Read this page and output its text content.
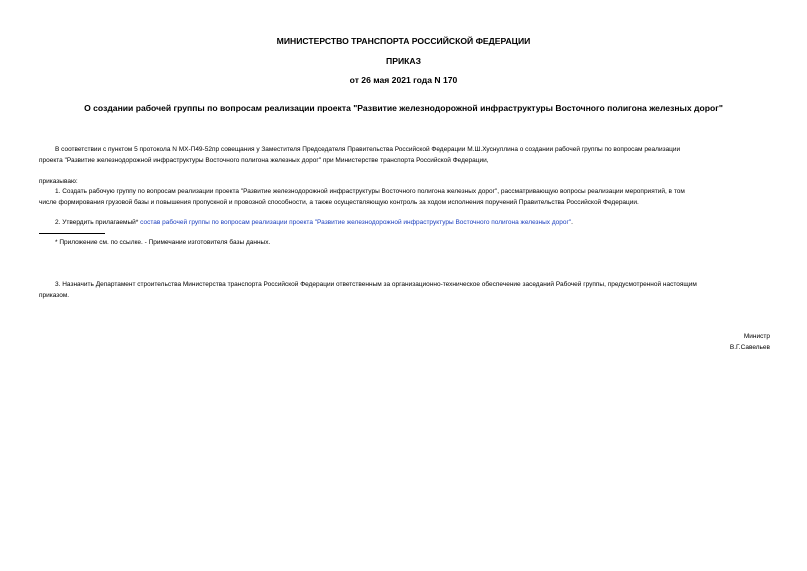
МИНИСТЕРСТВО ТРАНСПОРТА РОССИЙСКОЙ ФЕДЕРАЦИИ
ПРИКАЗ
от 26 мая 2021 года N 170
О создании рабочей группы по вопросам реализации проекта "Развитие железнодорожной инфраструктуры Восточного полигона железных дорог"
В соответствии с пунктом 5 протокола N МХ-П49-52пр совещания у Заместителя Председателя Правительства Российской Федерации М.Ш.Хуснуллина о создании рабочей группы по вопросам реализации
проекта "Развитие железнодорожной инфраструктуры Восточного полигона железных дорог" при Министерстве транспорта Российской Федерации,
приказываю:
1. Создать рабочую группу по вопросам реализации проекта "Развитие железнодорожной инфраструктуры Восточного полигона железных дорог", рассматривающую вопросы реализации мероприятий, в том
числе формирования грузовой базы и повышения пропускной и провозной способности, а также осуществляющую контроль за ходом исполнения поручений Правительства Российской Федерации.
2. Утвердить прилагаемый* состав рабочей группы по вопросам реализации проекта "Развитие железнодорожной инфраструктуры Восточного полигона железных дорог".
* Приложение см. по ссылке. - Примечание изготовителя базы данных.
3. Назначить Департамент строительства Министерства транспорта Российской Федерации ответственным за организационно-техническое обеспечение заседаний Рабочей группы, предусмотренной настоящим
приказом.
Министр
В.Г.Савельев
